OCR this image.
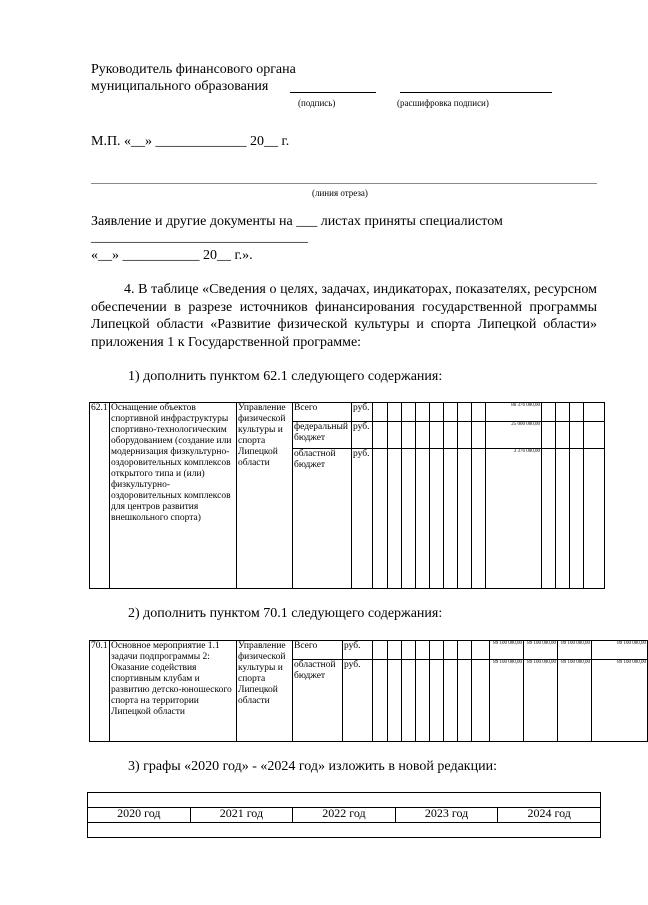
Руководитель финансового органа
муниципального образования
(подпись)	(расшифровка подписи)
М.П. «__» _____________ 20__ г.
(линия отреза)
Заявление и другие документы на ___ листах приняты специалистом
_______________________________
«__» ___________ 20__ г.».
4. В таблице «Сведения о целях, задачах, индикаторах, показателях, ресурсном обеспечении в разрезе источников финансирования государственной программы Липецкой области «Развитие физической культуры и спорта Липецкой области» приложения 1 к Государственной программе:
1) дополнить пунктом 62.1 следующего содержания:
62.1	Оснащение объектов спортивной инфраструктуры спортивно-технологическим оборудованием (создание или модернизация физкультурно-оздоровительных комплексов открытого типа и (или) физкультурно-оздоровительных комплексов для центров развития внешкольного спорта)	Управление физической культуры и спорта Липецкой области	Всего	руб.									86 376 000,00				
			федеральный бюджет	руб.									25 000 000,00				
			областной бюджет	руб.									3 376 000,00				
2) дополнить пунктом 70.1 следующего содержания:
70.1	Основное мероприятие 1.1 задачи подпрограммы 2: Оказание содействия спортивным клубам и развитию детско-юношеского спорта на территории Липецкой области	Управление физической культуры и спорта Липецкой области	Всего	руб.									89 100 000,00	89 100 000,00	89 100 000,00	89 100 000,00
			областной бюджет	руб.									89 100 000,00	89 100 000,00	89 100 000,00	89 100 000,00
3) графы «2020 год» - «2024 год» изложить в новой редакции:

2020 год	2021 год	2022 год	2023 год	2024 год
